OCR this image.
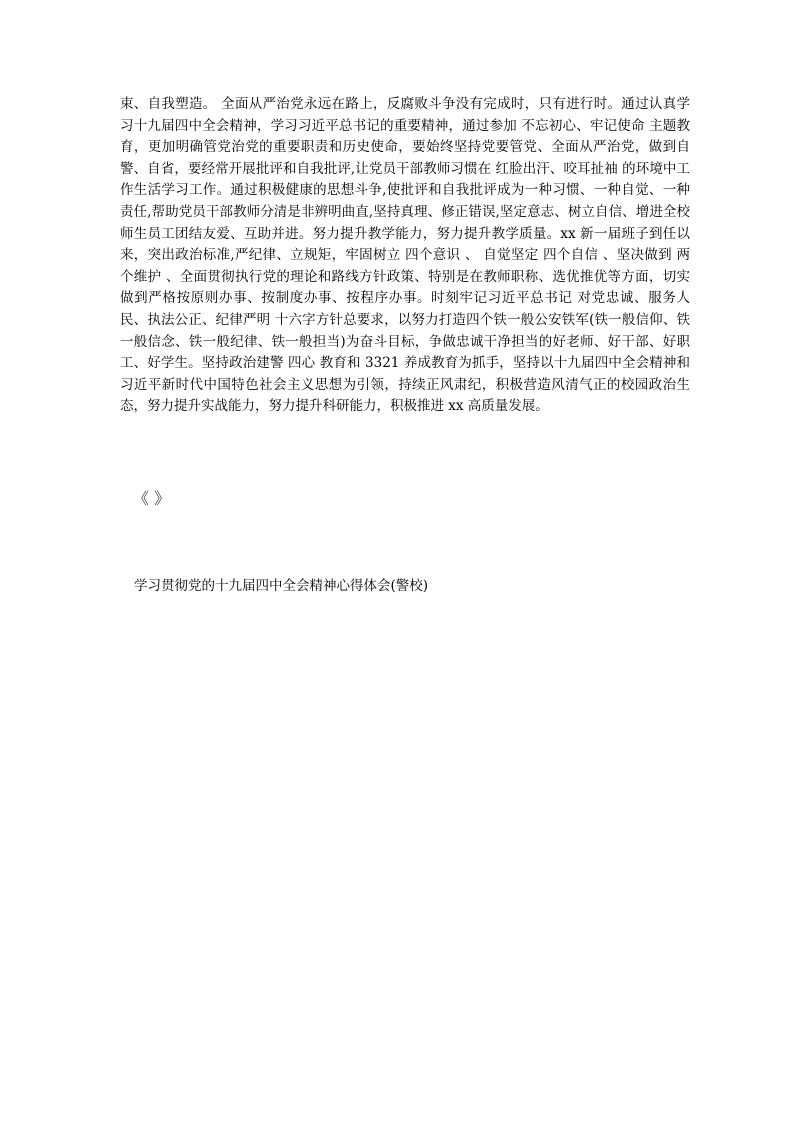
束、自我塑造。 全面从严治党永远在路上，反腐败斗争没有完成时，只有进行时。通过认真学习十九届四中全会精神，学习习近平总书记的重要精神，通过参加 不忘初心、牢记使命 主题教育，更加明确管党治党的重要职责和历史使命，要始终坚持党要管党、全面从严治党，做到自警、自省，要经常开展批评和自我批评,让党员干部教师习惯在 红脸出汗、咬耳扯袖 的环境中工作生活学习工作。通过积极健康的思想斗争,使批评和自我批评成为一种习惯、一种自觉、一种责任,帮助党员干部教师分清是非辨明曲直,坚持真理、修正错误,坚定意志、树立自信、增进全校师生员工团结友爱、互助并进。努力提升教学能力，努力提升教学质量。xx 新一届班子到任以来，突出政治标准,严纪律、立规矩，牢固树立 四个意识 、 自觉坚定 四个自信 、坚决做到 两个维护 、全面贯彻执行党的理论和路线方针政策、特别是在教师职称、选优推优等方面，切实做到严格按原则办事、按制度办事、按程序办事。时刻牢记习近平总书记 对党忠诚、服务人民、执法公正、纪律严明 十六字方针总要求，以努力打造四个铁一般公安铁军(铁一般信仰、铁一般信念、铁一般纪律、铁一般担当)为奋斗目标，争做忠诚干净担当的好老师、好干部、好职工、好学生。坚持政治建警 四心 教育和 3321 养成教育为抓手，坚持以十九届四中全会精神和习近平新时代中国特色社会主义思想为引领，持续正风肃纪，积极营造风清气正的校园政治生态，努力提升实战能力，努力提升科研能力，积极推进 xx 高质量发展。

《 》

学习贯彻党的十九届四中全会精神心得体会(警校)
